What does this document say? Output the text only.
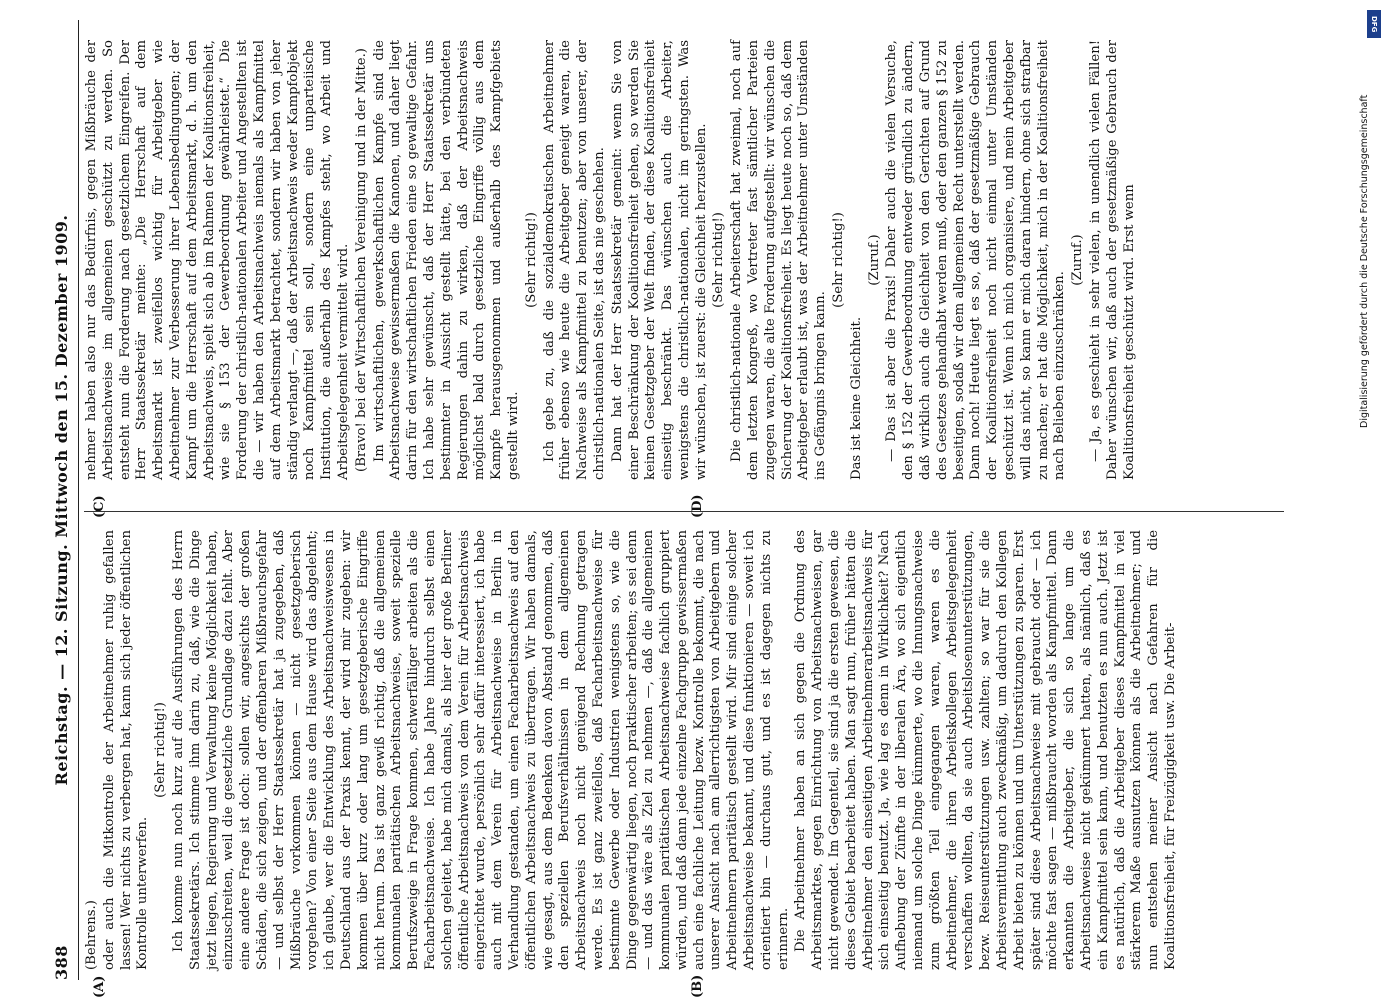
388
Reichstag. — 12. Sitzung. Mittwoch den 15. Dezember 1909.
(A)	(B)
(C)	(D)

(Behrens.) oder auch die Mitkontrolle der Arbeitnehmer ruhig gefallen lassen! Wer nichts zu verbergen hat, kann sich jeder öffentlichen Kontrolle unterwerfen.

(Sehr richtig!) Ich komme nun noch kurz auf die Ausführungen des Herrn Staatssekretärs. Ich stimme ihm darin zu, daß, wie die Dinge jetzt liegen, Regierung und Verwaltung keine Möglichkeit haben, einzuschreiten, weil die gesetzliche Grundlage dazu fehlt. Aber eine andere Frage ist doch: sollen wir, angesichts der großen Schäden, die sich zeigen, und der offenbaren Mißbrauchsgefahr — und selbst der Herr Staatssekretär hat ja zugegeben, daß Mißbräuche vorkommen können — nicht gesetzgeberisch vorgehen? Von einer Seite aus dem Hause wird das abgelehnt; ich glaube, wer die Entwicklung des Arbeitsnachweiswesens in Deutschland aus der Praxis kennt, der wird mir zugeben: wir kommen über kurz oder lang um gesetzgeberische Eingriffe nicht herum. Das ist ganz gewiß richtig, daß die allgemeinen kommunalen paritätischen Arbeitsnachweise, soweit spezielle Berufszweige in Frage kommen, schwerfälliger arbeiten als die Facharbeitsnachweise. Ich habe Jahre hindurch selbst einen solchen geleitet, habe mich damals, als hier der große Berliner öffentliche Arbeitsnachweis von dem Verein für Arbeitsnachweis eingerichtet wurde, persönlich sehr dafür interessiert, ich habe auch mit dem Verein für Arbeitsnachweise in Berlin in Verhandlung gestanden, um einen Facharbeitsnachweis auf den öffentlichen Arbeitsnachweis zu übertragen. Wir haben damals, wie gesagt, aus dem Bedenken davon Abstand genommen, daß den speziellen Berufsverhältnissen in dem allgemeinen Arbeitsnachweis noch nicht genügend Rechnung getragen werde. Es ist ganz zweifellos, daß Facharbeitsnachweise für bestimmte Gewerbe oder Industrien wenigstens so, wie die Dinge gegenwärtig liegen, noch praktischer arbeiten; es sei denn — und das wäre als Ziel zu nehmen —, daß die allgemeinen kommunalen paritätischen Arbeitsnachweise fachlich gruppiert würden, und daß dann jede einzelne Fachgruppe gewissermaßen auch eine fachliche Leitung bezw. Kontrolle bekommt, die nach unserer Ansicht nach am allerrichtigsten von Arbeitgebern und Arbeitnehmern paritätisch gestellt wird. Mir sind einige solcher Arbeitsnachweise bekannt, und diese funktionieren — soweit ich orientiert bin — durchaus gut, und es ist dagegen nichts zu erinnern. Die Arbeitnehmer haben an sich gegen die Ordnung des Arbeitsmarktes, gegen Einrichtung von Arbeitsnachweisen, gar nicht gewendet. Im Gegenteil, sie sind ja die ersten gewesen, die dieses Gebiet bearbeitet haben. Man sagt nun, früher hätten die Arbeitnehmer den einseitigen Arbeitnehmerarbeitsnachweis für sich einseitig benutzt. Ja, wie lag es denn in Wirklichkeit? Nach Aufhebung der Zünfte in der liberalen Ära, wo sich eigentlich niemand um solche Dinge kümmerte, wo die Innungsnachweise zum größten Teil eingegangen waren, waren es die Arbeitnehmer, die ihren Arbeitskollegen Arbeitsgelegenheit verschaffen wollten, da sie auch Arbeitslosenunterstützungen, bezw. Reiseunterstützungen usw. zahlten; so war für sie die Arbeitsvermittlung auch zweckmäßig, um dadurch den Kollegen Arbeit bieten zu können und um Unterstützungen zu sparen. Erst später sind diese Arbeitsnachweise mit gebraucht oder — ich möchte fast sagen — mißbraucht worden als Kampfmittel. Dann erkannten die Arbeitgeber, die sich so lange um die Arbeitsnachweise nicht gekümmert hatten, als nämlich, daß es ein Kampfmittel sein kann, und benutzten es nun auch. Jetzt ist es natürlich, daß die Arbeitgeber dieses Kampfmittel in viel stärkerem Maße ausnutzen können als die Arbeitnehmer; und nun entstehen meiner Ansicht nach Gefahren für die Koalitionsfreiheit, für Freizügigkeit usw. Die Arbeit-

nehmer haben also nur das Bedürfnis, gegen Mißbräuche der Arbeitsnachweise im allgemeinen geschützt zu werden. So entsteht nun die Forderung nach gesetzlichem Eingreifen. Der Herr Staatssekretär meinte: „Die Herrschaft auf dem Arbeitsmarkt ist zweifellos wichtig für Arbeitgeber wie Arbeitnehmer zur Verbesserung ihrer Lebensbedingungen; der Kampf um die Herrschaft auf dem Arbeitsmarkt, d. h. um den Arbeitsnachweis, spielt sich ab im Rahmen der Koalitionsfreiheit, wie sie § 153 der Gewerbeordnung gewährleistet.“ Die Forderung der christlich-nationalen Arbeiter und Angestellten ist die — wir haben den Arbeitsnachweis niemals als Kampfmittel auf dem Arbeitsmarkt betrachtet, sondern wir haben von jeher ständig verlangt —, daß der Arbeitsnachweis weder Kampfobjekt noch Kampfmittel sein soll, sondern eine unparteiische Institution, die außerhalb des Kampfes steht, wo Arbeit und Arbeitsgelegenheit vermittelt wird. (Bravo! bei der Wirtschaftlichen Vereinigung und in der Mitte.) Im wirtschaftlichen, gewerkschaftlichen Kampfe sind die Arbeitsnachweise gewissermaßen die Kanonen, und daher liegt darin für den wirtschaftlichen Frieden eine so gewaltige Gefahr. Ich habe sehr gewünscht, daß der Herr Staatssekretär uns bestimmter in Aussicht gestellt hätte, bei den verbündeten Regierungen dahin zu wirken, daß der Arbeitsnachweis möglichst bald durch gesetzliche Eingriffe völlig aus dem Kampfe herausgenommen und außerhalb des Kampfgebiets gestellt wird.

(Sehr richtig!) Ich gebe zu, daß die sozialdemokratischen Arbeitnehmer früher ebenso wie heute die Arbeitgeber geneigt waren, die Nachweise als Kampfmittel zu benutzen; aber von unserer, der christlich-nationalen Seite, ist das nie geschehen. Dann hat der Herr Staatssekretär gemeint: wenn Sie von einer Beschränkung der Koalitionsfreiheit gehen, so werden Sie keinen Gesetzgeber der Welt finden, der diese Koalitionsfreiheit einseitig beschränkt. Das wünschen auch die Arbeiter, wenigstens die christlich-nationalen, nicht im geringsten. Was wir wünschen, ist zuerst: die Gleichheit herzustellen. (Sehr richtig!) Die christlich-nationale Arbeiterschaft hat zweimal, noch auf dem letzten Kongreß, wo Vertreter fast sämtlicher Parteien zugegen waren, die alte Forderung aufgestellt: wir wünschen die Sicherung der Koalitionsfreiheit. Es liegt heute noch so, daß dem Arbeitgeber erlaubt ist, was der Arbeitnehmer unter Umständen ins Gefängnis bringen kann.

(Sehr richtig!)

Das ist keine Gleichheit.

(Zuruf.) — Das ist aber die Praxis! Daher auch die vielen Versuche, den § 152 der Gewerbeordnung entweder gründlich zu ändern, daß wirklich auch die Gleichheit von den Gerichten auf Grund des Gesetzes gehandhabt werden muß, oder den ganzen § 152 zu beseitigen, sodaß wir dem allgemeinen Recht unterstellt werden. Dann noch! Heute liegt es so, daß der gesetzmäßige Gebrauch der Koalitionsfreiheit noch nicht einmal unter Umständen geschützt ist. Wenn ich mich organisiere, und mein Arbeitgeber will das nicht, so kann er mich daran hindern, ohne sich strafbar zu machen; er hat die Möglichkeit, mich in der Koalitionsfreiheit nach Belieben einzuschränken.

(Zuruf.) — Ja, es geschieht in sehr vielen, in unendlich vielen Fällen! Daher wünschen wir, daß auch der gesetzmäßige Gebrauch der Koalitionsfreiheit geschützt wird. Erst wenn	Digitalisierung gefördert durch die Deutsche Forschungsgemeinschaft
DFG
